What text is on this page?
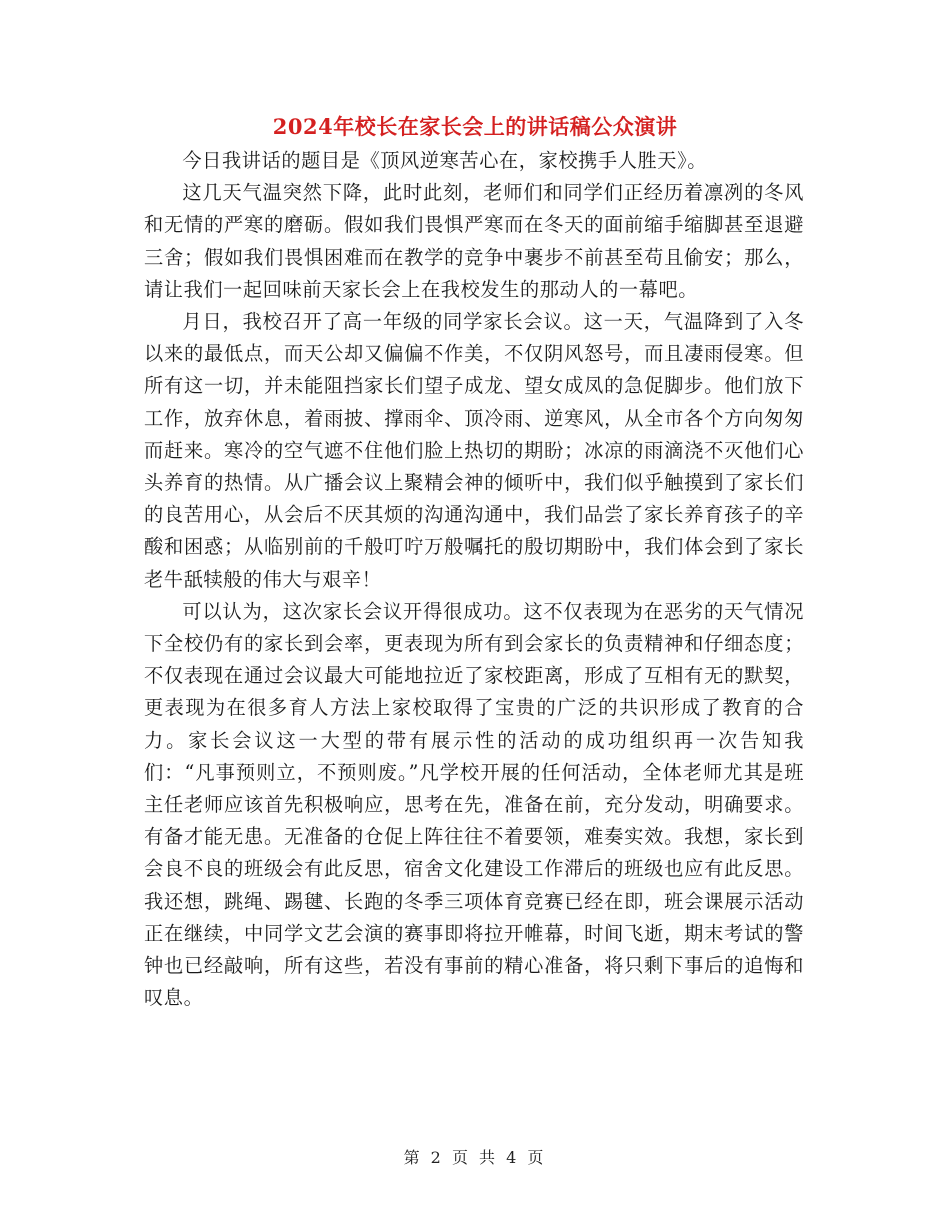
2024年校长在家长会上的讲话稿公众演讲

今日我讲话的题目是《顶风逆寒苦心在，家校携手人胜天》。

这几天气温突然下降，此时此刻，老师们和同学们正经历着凛冽的冬风和无情的严寒的磨砺。假如我们畏惧严寒而在冬天的面前缩手缩脚甚至退避三舍；假如我们畏惧困难而在教学的竞争中裹步不前甚至苟且偷安；那么，请让我们一起回味前天家长会上在我校发生的那动人的一幕吧。

月日，我校召开了高一年级的同学家长会议。这一天，气温降到了入冬以来的最低点，而天公却又偏偏不作美，不仅阴风怒号，而且凄雨侵寒。但所有这一切，并未能阻挡家长们望子成龙、望女成凤的急促脚步。他们放下工作，放弃休息，着雨披、撑雨伞、顶冷雨、逆寒风，从全市各个方向匆匆而赶来。寒冷的空气遮不住他们脸上热切的期盼；冰凉的雨滴浇不灭他们心头养育的热情。从广播会议上聚精会神的倾听中，我们似乎触摸到了家长们的良苦用心，从会后不厌其烦的沟通沟通中，我们品尝了家长养育孩子的辛酸和困惑；从临别前的千般叮咛万般嘱托的殷切期盼中，我们体会到了家长老牛舐犊般的伟大与艰辛！

可以认为，这次家长会议开得很成功。这不仅表现为在恶劣的天气情况下全校仍有的家长到会率，更表现为所有到会家长的负责精神和仔细态度；不仅表现在通过会议最大可能地拉近了家校距离，形成了互相有无的默契，更表现为在很多育人方法上家校取得了宝贵的广泛的共识形成了教育的合力。家长会议这一大型的带有展示性的活动的成功组织再一次告知我们：“凡事预则立，不预则废。”凡学校开展的任何活动，全体老师尤其是班主任老师应该首先积极响应，思考在先，准备在前，充分发动，明确要求。有备才能无患。无准备的仓促上阵往往不着要领，难奏实效。我想，家长到会良不良的班级会有此反思，宿舍文化建设工作滞后的班级也应有此反思。我还想，跳绳、踢毽、长跑的冬季三项体育竞赛已经在即，班会课展示活动正在继续，中同学文艺会演的赛事即将拉开帷幕，时间飞逝，期末考试的警钟也已经敲响，所有这些，若没有事前的精心准备，将只剩下事后的追悔和叹息。

第 2 页 共 4 页
